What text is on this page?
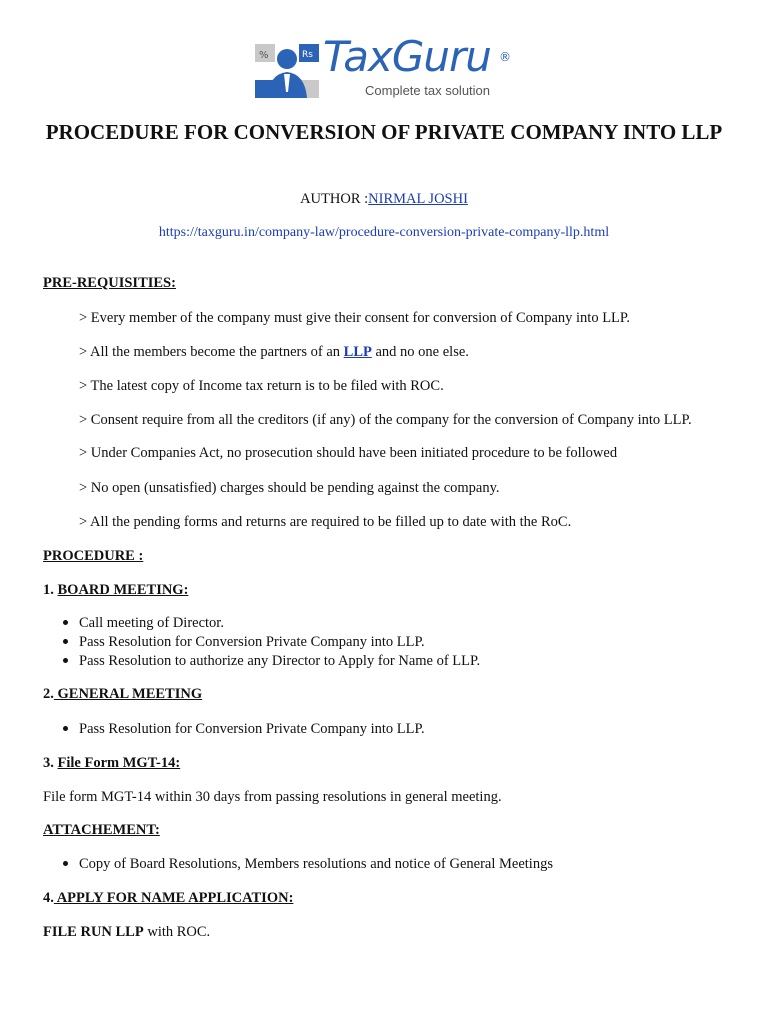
%	Rs TaxGuru ®
Complete tax solution
PROCEDURE FOR CONVERSION OF PRIVATE COMPANY INTO LLP
AUTHOR :NIRMAL JOSHI
https://taxguru.in/company-law/procedure-conversion-private-company-llp.html
PRE-REQUISITIES:
> Every member of the company must give their consent for conversion of Company into LLP.
> All the members become the partners of an LLP and no one else.
> The latest copy of Income tax return is to be filed with ROC.
> Consent require from all the creditors (if any) of the company for the conversion of Company into LLP.
> Under Companies Act, no prosecution should have been initiated procedure to be followed
> No open (unsatisfied) charges should be pending against the company.
> All the pending forms and returns are required to be filled up to date with the RoC.
PROCEDURE :
1. BOARD MEETING:
Call meeting of Director.
Pass Resolution for Conversion Private Company into LLP.
Pass Resolution to authorize any Director to Apply for Name of LLP.
2. GENERAL MEETING
Pass Resolution for Conversion Private Company into LLP.
3. File Form MGT-14:
File form MGT-14 within 30 days from passing resolutions in general meeting.
ATTACHEMENT:
Copy of Board Resolutions, Members resolutions and notice of General Meetings
4. APPLY FOR NAME APPLICATION:
FILE RUN LLP with ROC.
